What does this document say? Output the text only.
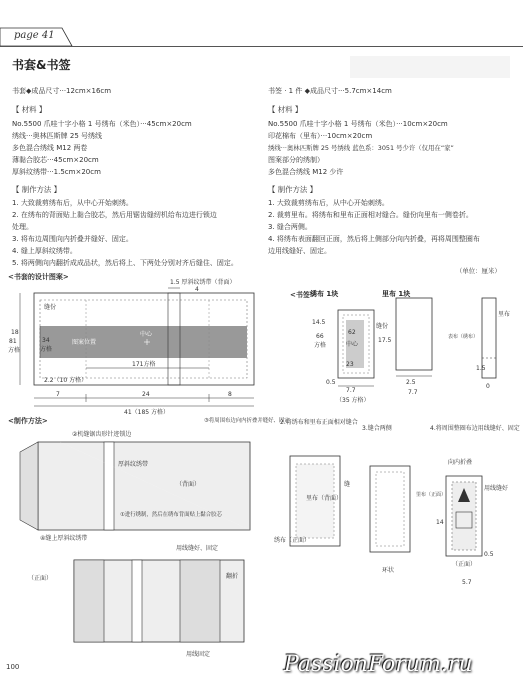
page 41
书套&书签
书套◆成品尺寸···12cm×16cm
【 材料 】
No.5500 爪哇十字小格 1 号绣布（米色）···45cm×20cm
绣线···奥林匹斯牌 25 号绣线
多色混合绣线 M12 两卷
薄黏合胶芯···45cm×20cm
厚斜纹绣带···1.5cm×20cm
【 制作方法 】
1. 大致裁剪绣布后，从中心开始刺绣。
2. 在绣布的背面贴上黏合胶芯，然后用锯齿缝纫机给布边进行锁边
处理。
3. 将布边周围向内折叠并缝好、固定。
4. 缝上厚斜纹绣带。
5. 将两侧向内翻折成成品状，然后将上、下两处分别对齐后缝住、固定。
书签 · 1 件 ◆成品尺寸···5.7cm×14cm
【 材料 】
No.5500 爪哇十字小格 1 号绣布（米色）···10cm×20cm
印花棉布（里布）···10cm×20cm
绣线···奥林匹斯牌 25 号绣线 蓝色系：3051 号少许（仅用在“家”
图案部分的绣制）
多色混合绣线 M12 少许
【 制作方法 】
1. 大致裁剪绣布后，从中心开始刺绣。
2. 裁剪里布。将绣布和里布正面相对缝合。缝份向里布一侧卷折。
3. 缝合两侧。
4. 将绣布表面翻回正面，然后将上侧部分向内折叠，再将周围整圈布
边用线缝好、固定。
（单位：厘米）
<书套的设计图案>
1.5 厚斜纹绣带（背面）
4
缝份
18
81
方格
34
方格
图案位置
中心
171方格
2.2（10 方格）
7	24	8
41（185 方格）
<书签>
绣布 1块	里布 1块
缝份
14.5
66
方格
62
中心
23
0.5
7.7
（35 方格）
17.5
2.5
7.7
里布
表布（绣布）
1.5
0
<制作方法>
②机缝锯齿形针迹锁边
③将周围布边向内折叠并缝好、固定
厚斜纹绣带
（背面）
④缝上厚斜纹绣带
①进行绣制，然后在绣布背面贴上黏合胶芯
用线缝好、固定
（正面）	翻折
用线固定
2.将绣布和里布正面相对缝合
3.缝合两侧	4.将周围整圈布边用线缝好、固定
里布（背面）
缝
绣布（正面）
环状
向内折叠
里布（正面）
14
用线缝好
（正面）
5.7
0.5
100	PassionForum.ru
